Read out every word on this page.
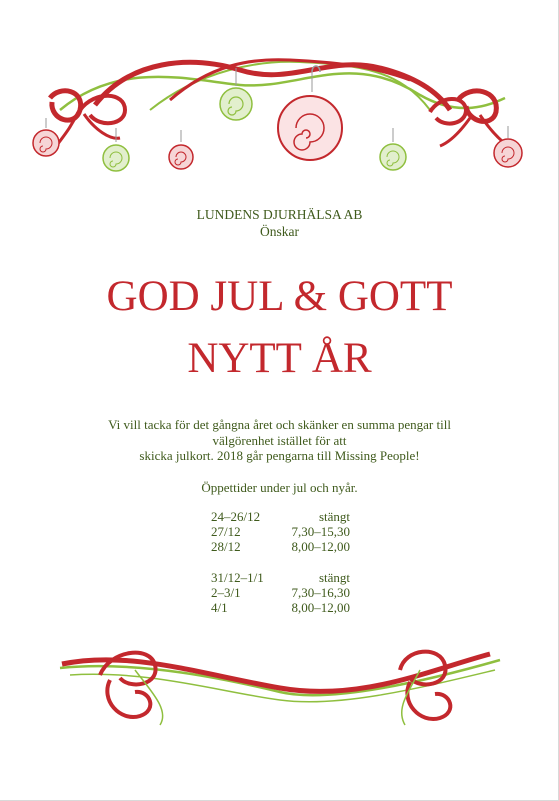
LUNDENS DJURHÄLSA AB
Önskar
GOD JUL & GOTT
NYTT ÅR
Vi vill tacka för det gångna året och skänker en summa pengar till
välgörenhet istället för att
skicka julkort. 2018 går pengarna till Missing People!
Öppettider under jul och nyår.
24–26/12	stängt
27/12	7,30–15,30
28/12	8,00–12,00
31/12–1/1	stängt
2–3/1	7,30–16,30
4/1	8,00–12,00
